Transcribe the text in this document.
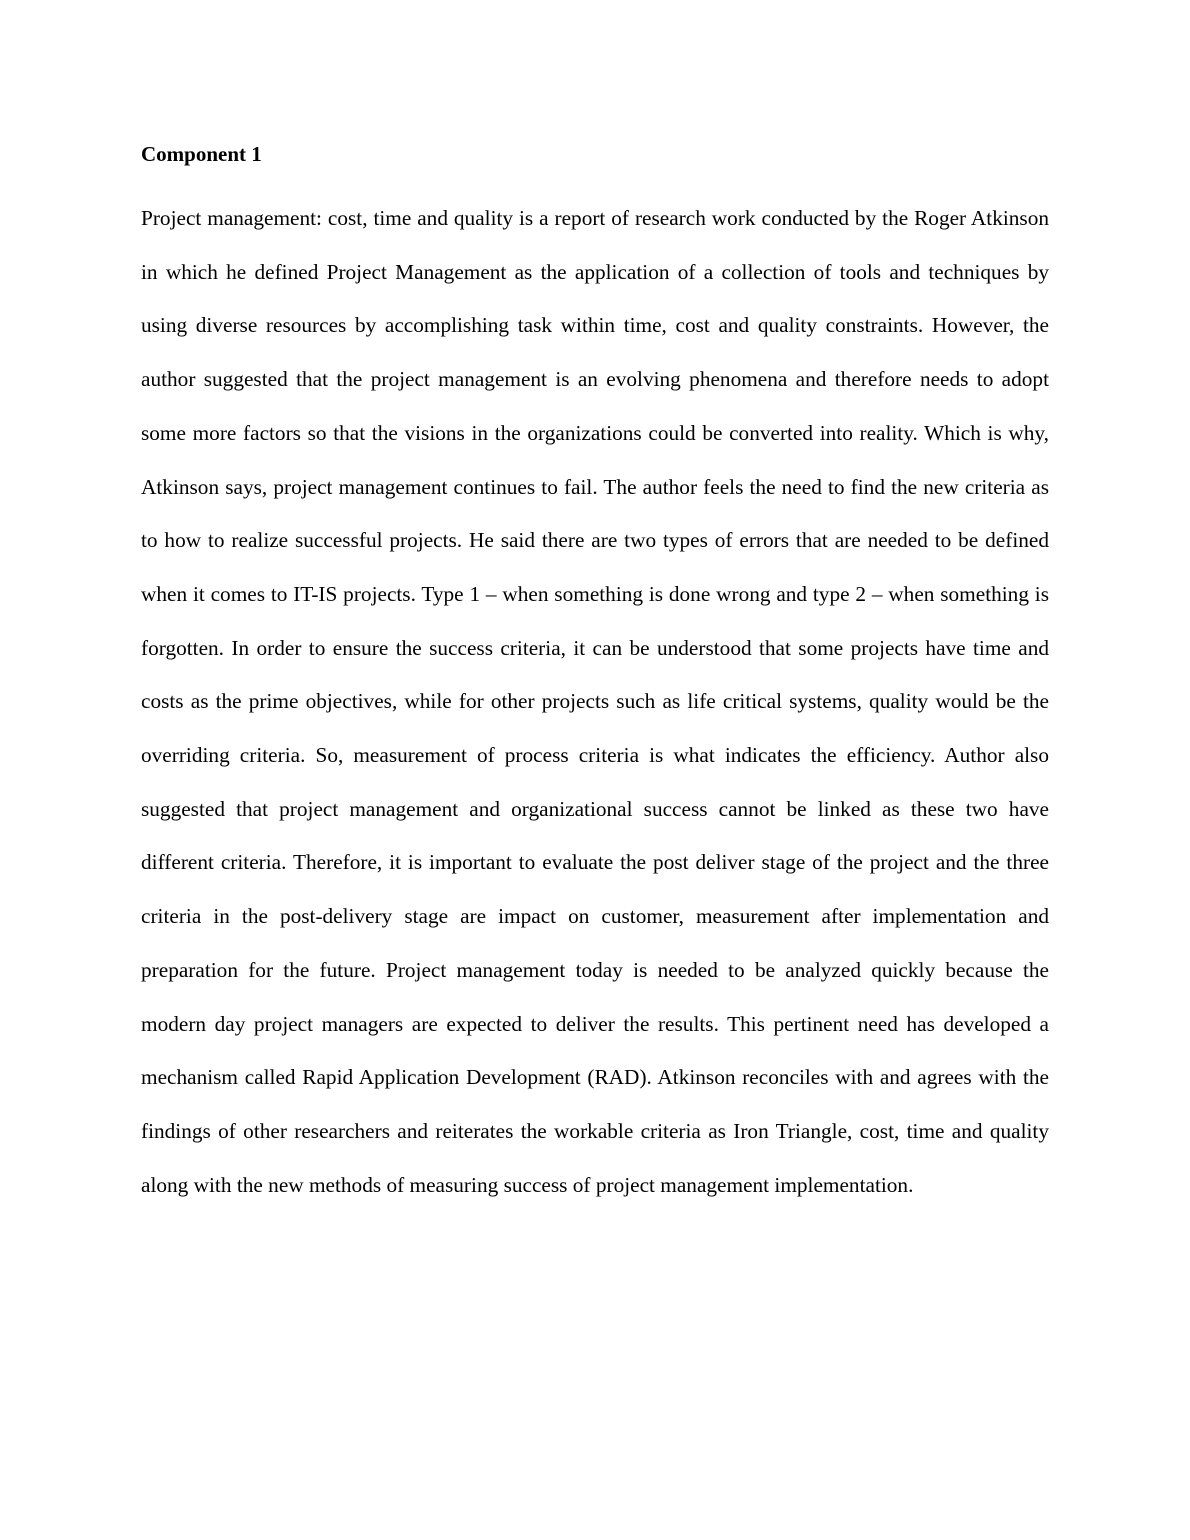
Component 1

Project management: cost, time and quality is a report of research work conducted by the Roger Atkinson in which he defined Project Management as the application of a collection of tools and techniques by using diverse resources by accomplishing task within time, cost and quality constraints. However, the author suggested that the project management is an evolving phenomena and therefore needs to adopt some more factors so that the visions in the organizations could be converted into reality. Which is why, Atkinson says, project management continues to fail. The author feels the need to find the new criteria as to how to realize successful projects. He said there are two types of errors that are needed to be defined when it comes to IT-IS projects. Type 1 – when something is done wrong and type 2 – when something is forgotten. In order to ensure the success criteria, it can be understood that some projects have time and costs as the prime objectives, while for other projects such as life critical systems, quality would be the overriding criteria. So, measurement of process criteria is what indicates the efficiency. Author also suggested that project management and organizational success cannot be linked as these two have different criteria. Therefore, it is important to evaluate the post deliver stage of the project and the three criteria in the post-delivery stage are impact on customer, measurement after implementation and preparation for the future. Project management today is needed to be analyzed quickly because the modern day project managers are expected to deliver the results. This pertinent need has developed a mechanism called Rapid Application Development (RAD). Atkinson reconciles with and agrees with the findings of other researchers and reiterates the workable criteria as Iron Triangle, cost, time and quality along with the new methods of measuring success of project management implementation.
